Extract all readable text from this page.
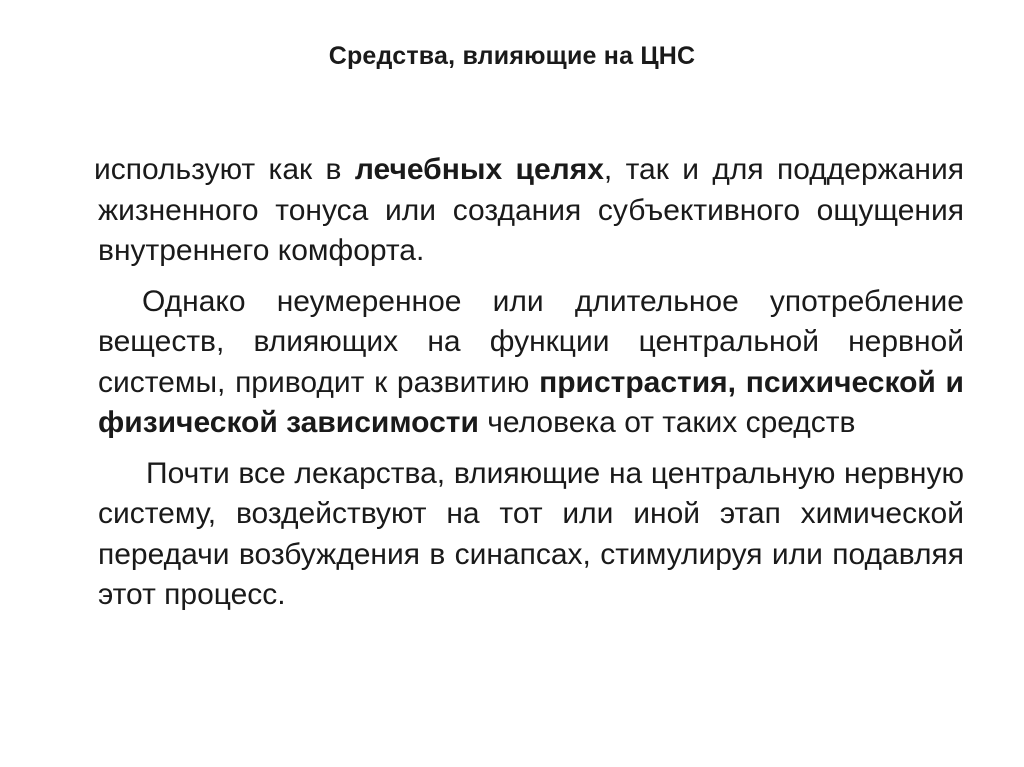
Средства, влияющие на ЦНС

используют как в лечебных целях, так и для поддержания жизненного тонуса или создания субъективного ощущения внутреннего комфорта.

Однако неумеренное или длительное употребление веществ, влияющих на функции центральной нервной системы, приводит к развитию пристрастия, психической и физической зависимости человека от таких средств

Почти все лекарства, влияющие на центральную нервную систему, воздействуют на тот или иной этап химической передачи возбуждения в синапсах, стимулируя или подавляя этот процесс.
